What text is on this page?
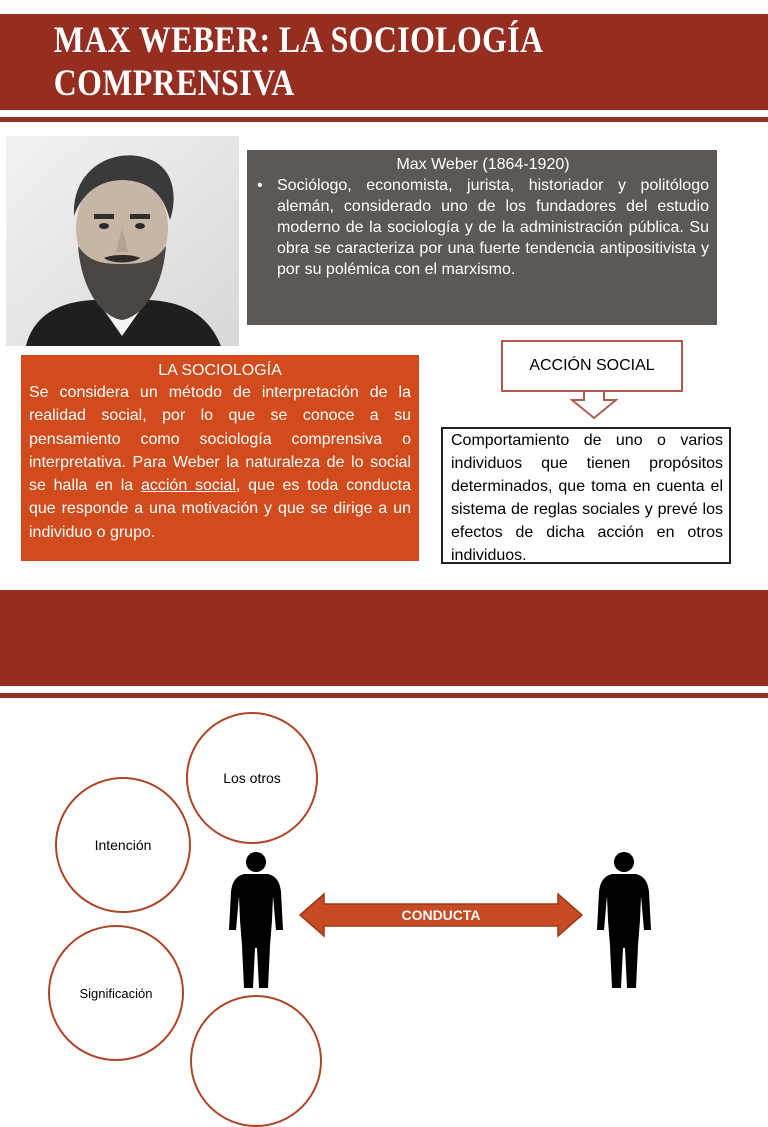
MAX WEBER: LA SOCIOLOGÍA COMPRENSIVA
Max Weber (1864-1920)
• Sociólogo, economista, jurista, historiador y politólogo alemán, considerado uno de los fundadores del estudio moderno de la sociología y de la administración pública. Su obra se caracteriza por una fuerte tendencia antipositivista y por su polémica con el marxismo.
LA SOCIOLOGÍA
Se considera un método de interpretación de la realidad social, por lo que se conoce a su pensamiento como sociología comprensiva o interpretativa. Para Weber la naturaleza de lo social se halla en la acción social, que es toda conducta que responde a una motivación y que se dirige a un individuo o grupo.
ACCIÓN SOCIAL
Comportamiento de uno o varios individuos que tienen propósitos determinados, que toma en cuenta el sistema de reglas sociales y prevé los efectos de dicha acción en otros individuos.
Los otros
Intención
Significación
CONDUCTA
